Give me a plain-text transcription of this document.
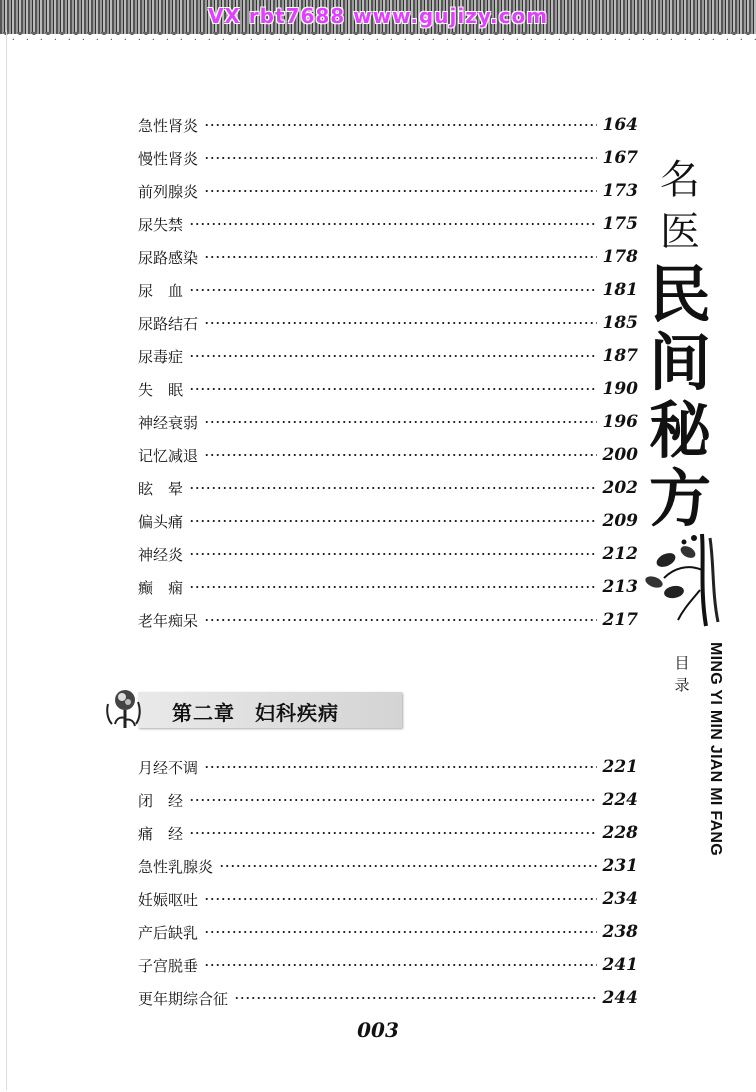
VX rbt7688 www.gujizy.com
第二章 妇科疾病
名
医
民
间
秘
方
目
录 MING YI MIN JIAN MI FANG
003
急性肾炎	164
慢性肾炎	167
前列腺炎	173
尿失禁	175
尿路感染	178
尿　血	181
尿路结石	185
尿毒症	187
失　眠	190
神经衰弱	196
记忆减退	200
眩　晕	202
偏头痛	209
神经炎	212
癫　痫	213
老年痴呆	217
月经不调	221
闭　经	224
痛　经	228
急性乳腺炎	231
妊娠呕吐	234
产后缺乳	238
子宫脱垂	241
更年期综合征	244
